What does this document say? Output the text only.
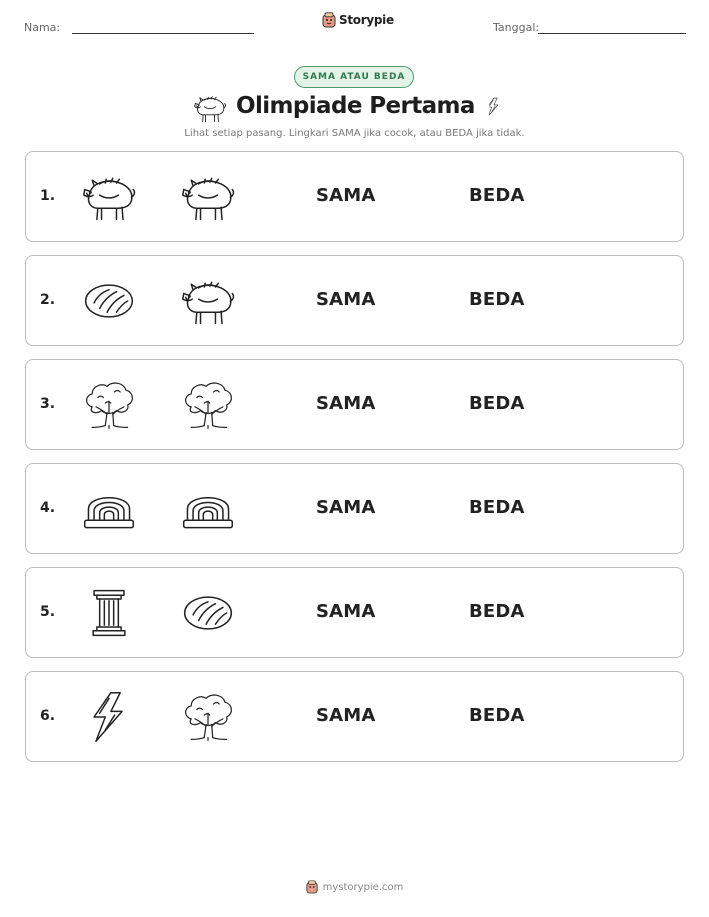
Nama:
Storypie
Tanggal:
SAMA ATAU BEDA
Olimpiade Pertama
Lihat setiap pasang. Lingkari SAMA jika cocok, atau BEDA jika tidak.
1.	SAMA	BEDA
2.	SAMA	BEDA
3.	SAMA	BEDA
4.	SAMA	BEDA
5.	SAMA	BEDA
6.	SAMA	BEDA
mystorypie.com
